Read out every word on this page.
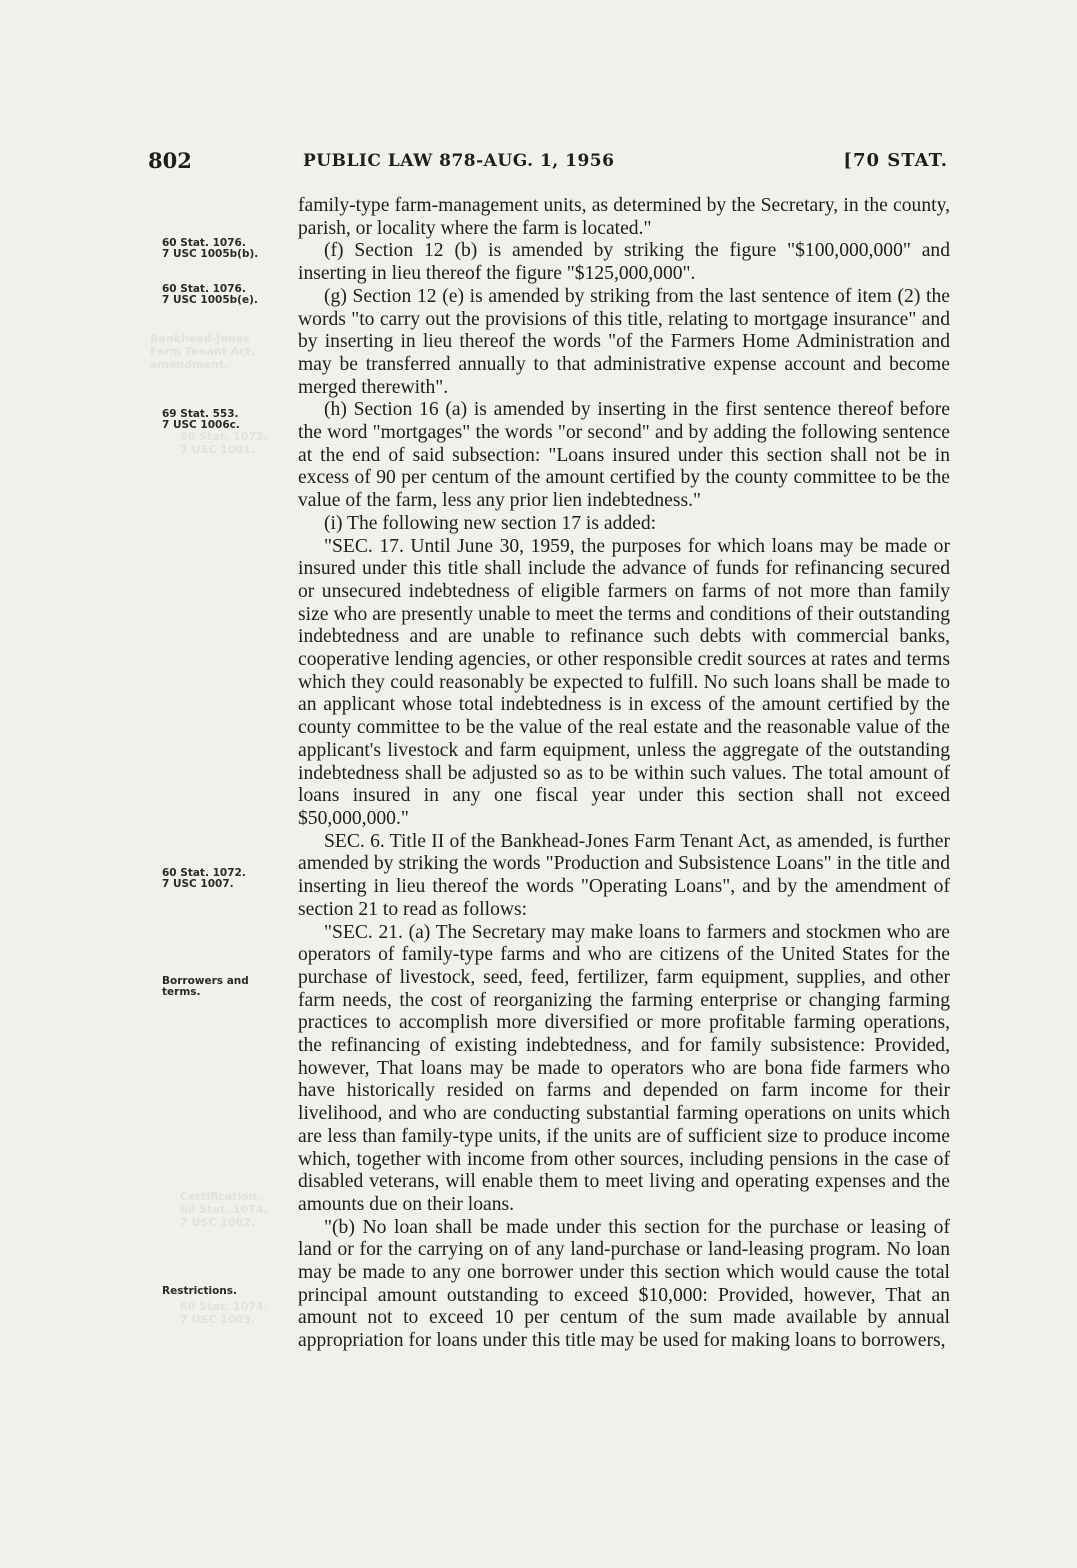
802	PUBLIC LAW 878-AUG. 1, 1956	[70 STAT.
Bankhead-Jones
Farm Tenant Act,
amendment.
60 Stat. 1072.
7 USC 1001.
Certification.
60 Stat. 1074.
7 USC 1002.
60 Stat. 1074.
7 USC 1003.
60 Stat. 1076.
7 USC 1005b(b).
60 Stat. 1076.
7 USC 1005b(e).
69 Stat. 553.
7 USC 1006c.
60 Stat. 1072.
7 USC 1007.
Borrowers and
terms.
Restrictions.

family-type farm-management units, as determined by the Secretary, in the county, parish, or locality where the farm is located."

(f) Section 12 (b) is amended by striking the figure "$100,000,000" and inserting in lieu thereof the figure "$125,000,000".

(g) Section 12 (e) is amended by striking from the last sentence of item (2) the words "to carry out the provisions of this title, relating to mortgage insurance" and by inserting in lieu thereof the words "of the Farmers Home Administration and may be transferred annually to that administrative expense account and become merged therewith".

(h) Section 16 (a) is amended by inserting in the first sentence thereof before the word "mortgages" the words "or second" and by adding the following sentence at the end of said subsection: "Loans insured under this section shall not be in excess of 90 per centum of the amount certified by the county committee to be the value of the farm, less any prior lien indebtedness."

(i) The following new section 17 is added:

"SEC. 17. Until June 30, 1959, the purposes for which loans may be made or insured under this title shall include the advance of funds for refinancing secured or unsecured indebtedness of eligible farmers on farms of not more than family size who are presently unable to meet the terms and conditions of their outstanding indebtedness and are unable to refinance such debts with commercial banks, cooperative lending agencies, or other responsible credit sources at rates and terms which they could reasonably be expected to fulfill. No such loans shall be made to an applicant whose total indebtedness is in excess of the amount certified by the county committee to be the value of the real estate and the reasonable value of the applicant's livestock and farm equipment, unless the aggregate of the outstanding indebtedness shall be adjusted so as to be within such values. The total amount of loans insured in any one fiscal year under this section shall not exceed $50,000,000."

SEC. 6. Title II of the Bankhead-Jones Farm Tenant Act, as amended, is further amended by striking the words "Production and Subsistence Loans" in the title and inserting in lieu thereof the words "Operating Loans", and by the amendment of section 21 to read as follows:

"SEC. 21. (a) The Secretary may make loans to farmers and stockmen who are operators of family-type farms and who are citizens of the United States for the purchase of livestock, seed, feed, fertilizer, farm equipment, supplies, and other farm needs, the cost of reorganizing the farming enterprise or changing farming practices to accomplish more diversified or more profitable farming operations, the refinancing of existing indebtedness, and for family subsistence: Provided, however, That loans may be made to operators who are bona fide farmers who have historically resided on farms and depended on farm income for their livelihood, and who are conducting substantial farming operations on units which are less than family-type units, if the units are of sufficient size to produce income which, together with income from other sources, including pensions in the case of disabled veterans, will enable them to meet living and operating expenses and the amounts due on their loans.

"(b) No loan shall be made under this section for the purchase or leasing of land or for the carrying on of any land-purchase or land-leasing program. No loan may be made to any one borrower under this section which would cause the total principal amount outstanding to exceed $10,000: Provided, however, That an amount not to exceed 10 per centum of the sum made available by annual appropriation for loans under this title may be used for making loans to borrowers,
